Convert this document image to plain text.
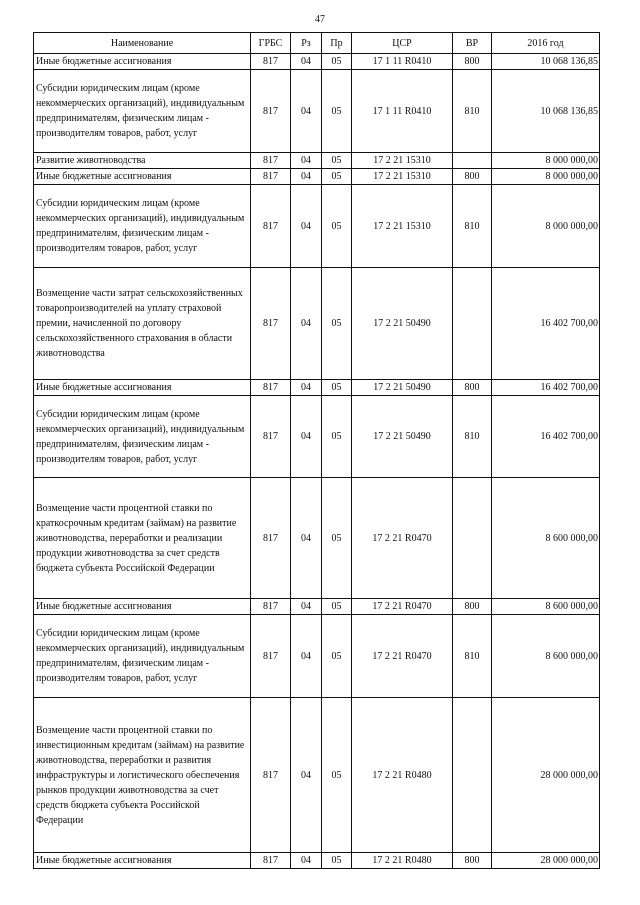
47
Наименование	ГРБС	Рз	Пр	ЦСР	ВР	2016 год
Иные бюджетные ассигнования	817	04	05	17 1 11 R0410	800	10 068 136,85
Субсидии юридическим лицам (кроме некоммерческих организаций), индивидуальным предпринимателям, физическим лицам - производителям товаров, работ, услуг	817	04	05	17 1 11 R0410	810	10 068 136,85
Развитие животноводства	817	04	05	17 2 21 15310		8 000 000,00
Иные бюджетные ассигнования	817	04	05	17 2 21 15310	800	8 000 000,00
Субсидии юридическим лицам (кроме некоммерческих организаций), индивидуальным предпринимателям, физическим лицам - производителям товаров, работ, услуг	817	04	05	17 2 21 15310	810	8 000 000,00
Возмещение части затрат сельскохозяйственных товаропроизводителей на уплату страховой премии, начисленной по договору сельскохозяйственного страхования в области животноводства	817	04	05	17 2 21 50490		16 402 700,00
Иные бюджетные ассигнования	817	04	05	17 2 21 50490	800	16 402 700,00
Субсидии юридическим лицам (кроме некоммерческих организаций), индивидуальным предпринимателям, физическим лицам - производителям товаров, работ, услуг	817	04	05	17 2 21 50490	810	16 402 700,00
Возмещение части процентной ставки по краткосрочным кредитам (займам) на развитие животноводства, переработки и реализации продукции животноводства за счет средств бюджета субъекта Российской Федерации	817	04	05	17 2 21 R0470		8 600 000,00
Иные бюджетные ассигнования	817	04	05	17 2 21 R0470	800	8 600 000,00
Субсидии юридическим лицам (кроме некоммерческих организаций), индивидуальным предпринимателям, физическим лицам - производителям товаров, работ, услуг	817	04	05	17 2 21 R0470	810	8 600 000,00
Возмещение части процентной ставки по инвестиционным кредитам (займам) на развитие животноводства, переработки и развития инфраструктуры и логистического обеспечения рынков продукции животноводства за счет средств бюджета субъекта Российской Федерации	817	04	05	17 2 21 R0480		28 000 000,00
Иные бюджетные ассигнования	817	04	05	17 2 21 R0480	800	28 000 000,00
